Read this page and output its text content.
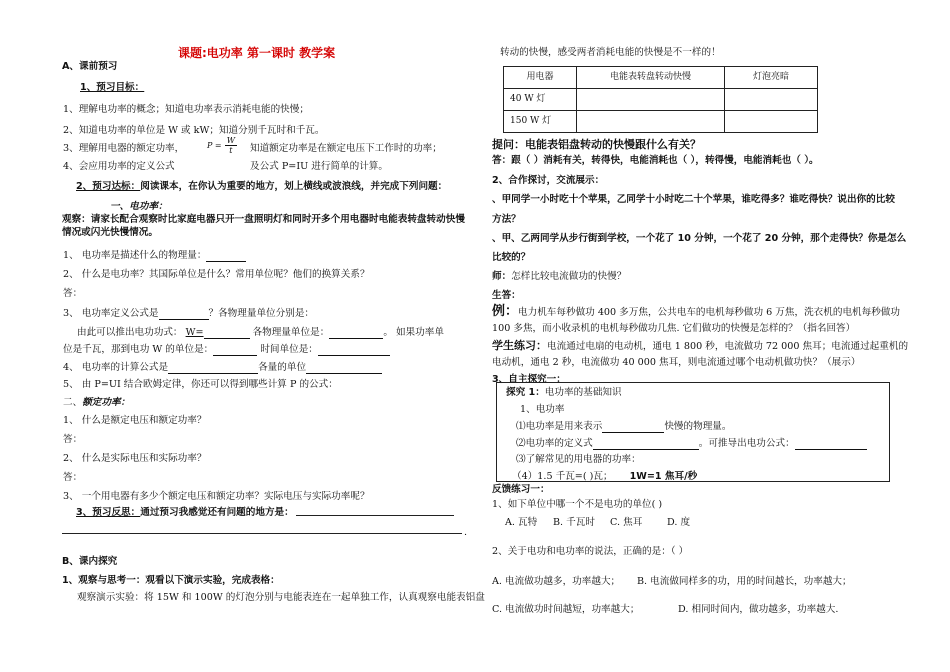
课题:电功率 第一课时 教学案
A、课前预习
1、预习目标：
1、理解电功率的概念；知道电功率表示消耗电能的快慢；
2、知道电功率的单位是 W 或 kW；知道分别千瓦时和千瓦。
3、理解用电器的额定功率，	$P = \frac{W}{t}$ 知道额定功率是在额定电压下工作时的功率；
4、会应用功率的定义公式	及公式 P=IU 进行简单的计算。
2、预习达标：阅读课本，在你认为重要的地方，划上横线或波浪线，并完成下列问题：
一、电功率：
观察：请家长配合观察时比家庭电器只开一盘照明灯和同时开多个用电器时电能表转盘转动快慢
情况或闪光快慢情况。
1、 电功率是描述什么的物理量：
2、 什么是电功率？其国际单位是什么？常用单位呢？他们的换算关系？
答：
3、 电功率定义公式是	？各物理量单位分别是：
由此可以推出电功功式： W=	各物理量单位是：	。 如果功率单
位是千瓦，那到电功 W 的单位是：	时间单位是：
4、 电功率的计算公式是	各量的单位
5、 由 P=UI 结合欧姆定律，你还可以得到哪些计算 P 的公式：
二、额定功率：
1、 什么是额定电压和额定功率？
答：
2、 什么是实际电压和实际功率？
答：
3、 一个用电器有多少个额定电压和额定功率？实际电压与实际功率呢？
3、预习反思：通过预习我感觉还有问题的地方是：
.
B、课内探究
1、观察与思考一：观看以下演示实验，完成表格：
观察演示实验：将 15W 和 100W 的灯泡分别与电能表连在一起单独工作，认真观察电能表铝盘
转动的快慢，感受两者消耗电能的快慢是不一样的！
用电器	电能表转盘转动快慢	灯泡亮暗
40 W 灯		
150 W 灯		
提问：电能表铝盘转动的快慢跟什么有关？
答：跟（ ）消耗有关，转得快，电能消耗也（ ），转得慢，电能消耗也（ ）。
2、合作探讨，交流展示：
、甲同学一小时吃十个苹果，乙同学十小时吃二十个苹果，谁吃得多？谁吃得快？说出你的比较
方法？
、甲、乙两同学从步行街到学校，一个花了 10 分钟，一个花了 20 分钟，那个走得快？你是怎么
比较的？
师：怎样比较电流做功的快慢？
生答：
例：电力机车每秒做功 400 多万焦，公共电车的电机每秒做功 6 万焦，洗衣机的电机每秒做功
100 多焦，而小收录机的电机每秒做功几焦. 它们做功的快慢是怎样的？（指名回答）
学生练习：电流通过电扇的电动机，通电 1 800 秒，电流做功 72 000 焦耳；电流通过起重机的
电动机，通电 2 秒，电流做功 40 000 焦耳，则电流通过哪个电动机做功快？（展示）
3、自主探究一：
探究 1：电功率的基础知识
1、电功率
⑴电功率是用来表示	快慢的物理量。
⑵电功率的定义式	。可推导出电功公式：
⑶了解常见的用电器的功率：
（4）1.5 千瓦=( )瓦； 1W=1 焦耳/秒
反馈练习一：
1、如下单位中哪一个不是电功的单位( )
A. 瓦特 B. 千瓦时 C. 焦耳	D. 度
2、关于电功和电功率的说法，正确的是：（ ）
A. 电流做功越多，功率越大； B. 电流做同样多的功，用的时间越长，功率越大；
C. 电流做功时间越短，功率越大；	D. 相同时间内，做功越多，功率越大.
